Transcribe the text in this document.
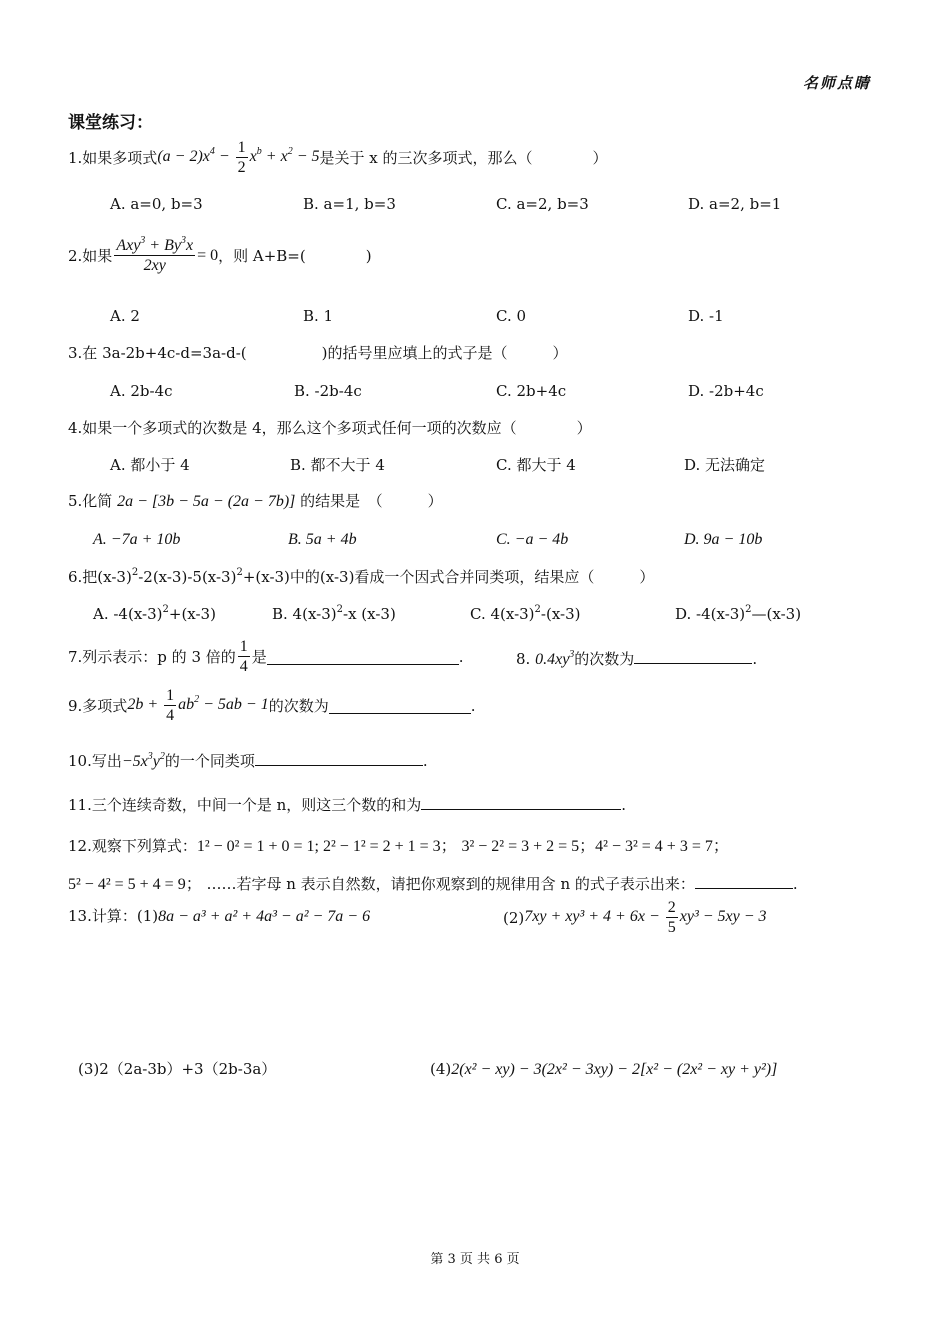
名师点睛
课堂练习：
1.如果多项式 $(a - 2)x^4 - \frac{1}{2} x^b + x^2 - 5$ 是关于 x 的三次多项式，那么（　　　　）
A. a=0, b=3	B. a=1, b=3	C. a=2, b=3	D. a=2, b=1
2.如果 $\frac{Axy^3 + By^3x}{2xy} = 0$ ，则 A+B=(　　　　)
A. 2	B. 1	C. 0	D. -1
3.在 3a-2b+4c-d=3a-d-(　　　　　)的括号里应填上的式子是（　　　）
A. 2b-4c	B. -2b-4c	C. 2b+4c	D. -2b+4c
4.如果一个多项式的次数是 4，那么这个多项式任何一项的次数应（　　　　）
A. 都小于 4	B. 都不大于 4	C. 都大于 4	D. 无法确定
5.化简 2a − [3b − 5a − (2a − 7b)] 的结果是　（　　　）
A. −7a + 10b	B. 5a + 4b	C. −a − 4b	D. 9a − 10b
6.把$(x-3)^2-2(x-3)-5(x-3)^2+(x-3)$中的(x-3)看成一个因式合并同类项，结果应（　　　）
A. $-4(x-3)^2+(x-3)$	B. $4(x-3)^2-x$ (x-3)	C. $4(x-3)^2-(x-3)$	D. $-4(x-3)^2—(x-3)$
7.列示表示：p 的 3 倍的 $\frac{1}{4}$ 是	.	8. $0.4xy^3$的次数为	.
9.多项式 $2b + \frac{1}{4} ab^2 - 5ab - 1$ 的次数为	.
10.写出$-5x^3y^2$的一个同类项	.
11.三个连续奇数，中间一个是 n，则这三个数的和为	.
12.观察下列算式：1² − 0² = 1 + 0 = 1; 2² − 1² = 2 + 1 = 3； 3² − 2² = 3 + 2 = 5；4² − 3² = 4 + 3 = 7；
5² − 4² = 5 + 4 = 9； ……若字母 n 表示自然数，请把你观察到的规律用含 n 的式子表示出来：	.
13.计算：(1)8a − a³ + a² + 4a³ − a² − 7a − 6	(2) $7xy + xy^3 + 4 + 6x - \frac{2}{5} xy^3 - 5xy - 3$
(3)2（2a-3b）+3（2b-3a）	(4)2(x² − xy) − 3(2x² − 3xy) − 2[x² − (2x² − xy + y²)]
第 3 页 共 6 页
